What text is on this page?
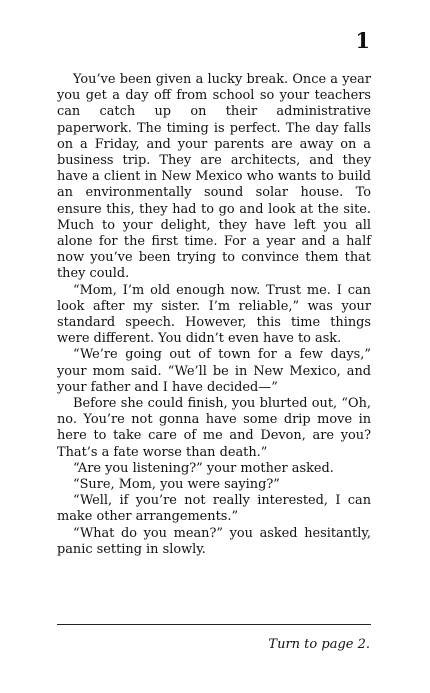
1

You’ve been given a lucky break. Once a year you get a day off from school so your teachers can catch up on their administrative paperwork. The timing is perfect. The day falls on a Friday, and your parents are away on a business trip. They are architects, and they have a client in New Mexico who wants to build an environmentally sound solar house. To ensure this, they had to go and look at the site. Much to your delight, they have left you all alone for the first time. For a year and a half now you’ve been trying to convince them that they could.

“Mom, I’m old enough now. Trust me. I can look after my sister. I’m reliable,” was your standard speech. However, this time things were different. You didn’t even have to ask.

“We’re going out of town for a few days,” your mom said. “We’ll be in New Mexico, and your father and I have decided—”

Before she could finish, you blurted out, “Oh, no. You’re not gonna have some drip move in here to take care of me and Devon, are you? That’s a fate worse than death.”

“Are you listening?” your mother asked.

“Sure, Mom, you were saying?”

“Well, if you’re not really interested, I can make other arrangements.”

“What do you mean?” you asked hesitantly, panic setting in slowly.

Turn to page 2.
